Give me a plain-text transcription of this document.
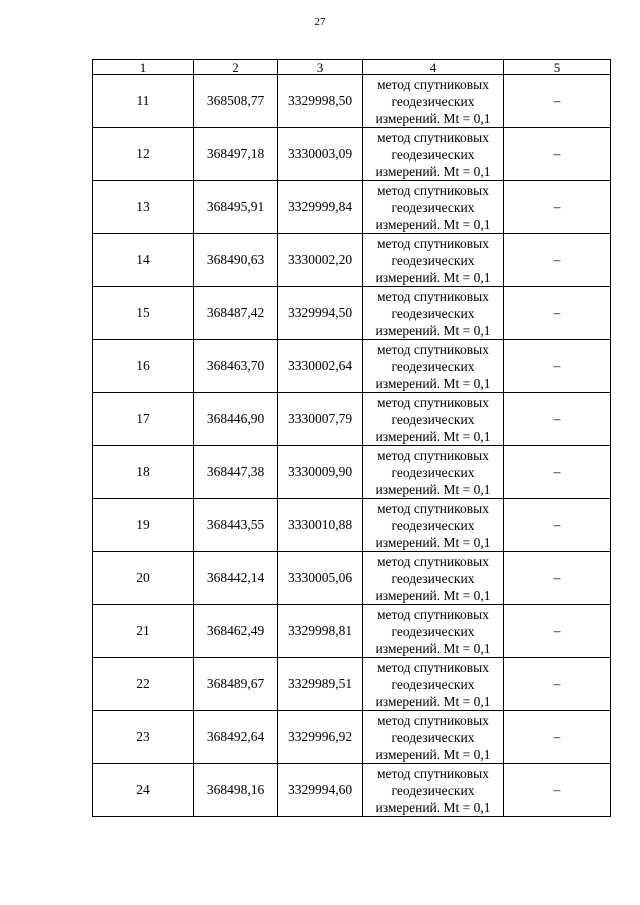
27
1	2	3	4	5
11	368508,77	3329998,50	метод спутниковых
геодезических
измерений. Mt = 0,1	–
12	368497,18	3330003,09	метод спутниковых
геодезических
измерений. Mt = 0,1	–
13	368495,91	3329999,84	метод спутниковых
геодезических
измерений. Mt = 0,1	–
14	368490,63	3330002,20	метод спутниковых
геодезических
измерений. Mt = 0,1	–
15	368487,42	3329994,50	метод спутниковых
геодезических
измерений. Mt = 0,1	–
16	368463,70	3330002,64	метод спутниковых
геодезических
измерений. Mt = 0,1	–
17	368446,90	3330007,79	метод спутниковых
геодезических
измерений. Mt = 0,1	–
18	368447,38	3330009,90	метод спутниковых
геодезических
измерений. Mt = 0,1	–
19	368443,55	3330010,88	метод спутниковых
геодезических
измерений. Mt = 0,1	–
20	368442,14	3330005,06	метод спутниковых
геодезических
измерений. Mt = 0,1	–
21	368462,49	3329998,81	метод спутниковых
геодезических
измерений. Mt = 0,1	–
22	368489,67	3329989,51	метод спутниковых
геодезических
измерений. Mt = 0,1	–
23	368492,64	3329996,92	метод спутниковых
геодезических
измерений. Mt = 0,1	–
24	368498,16	3329994,60	метод спутниковых
геодезических
измерений. Mt = 0,1	–
